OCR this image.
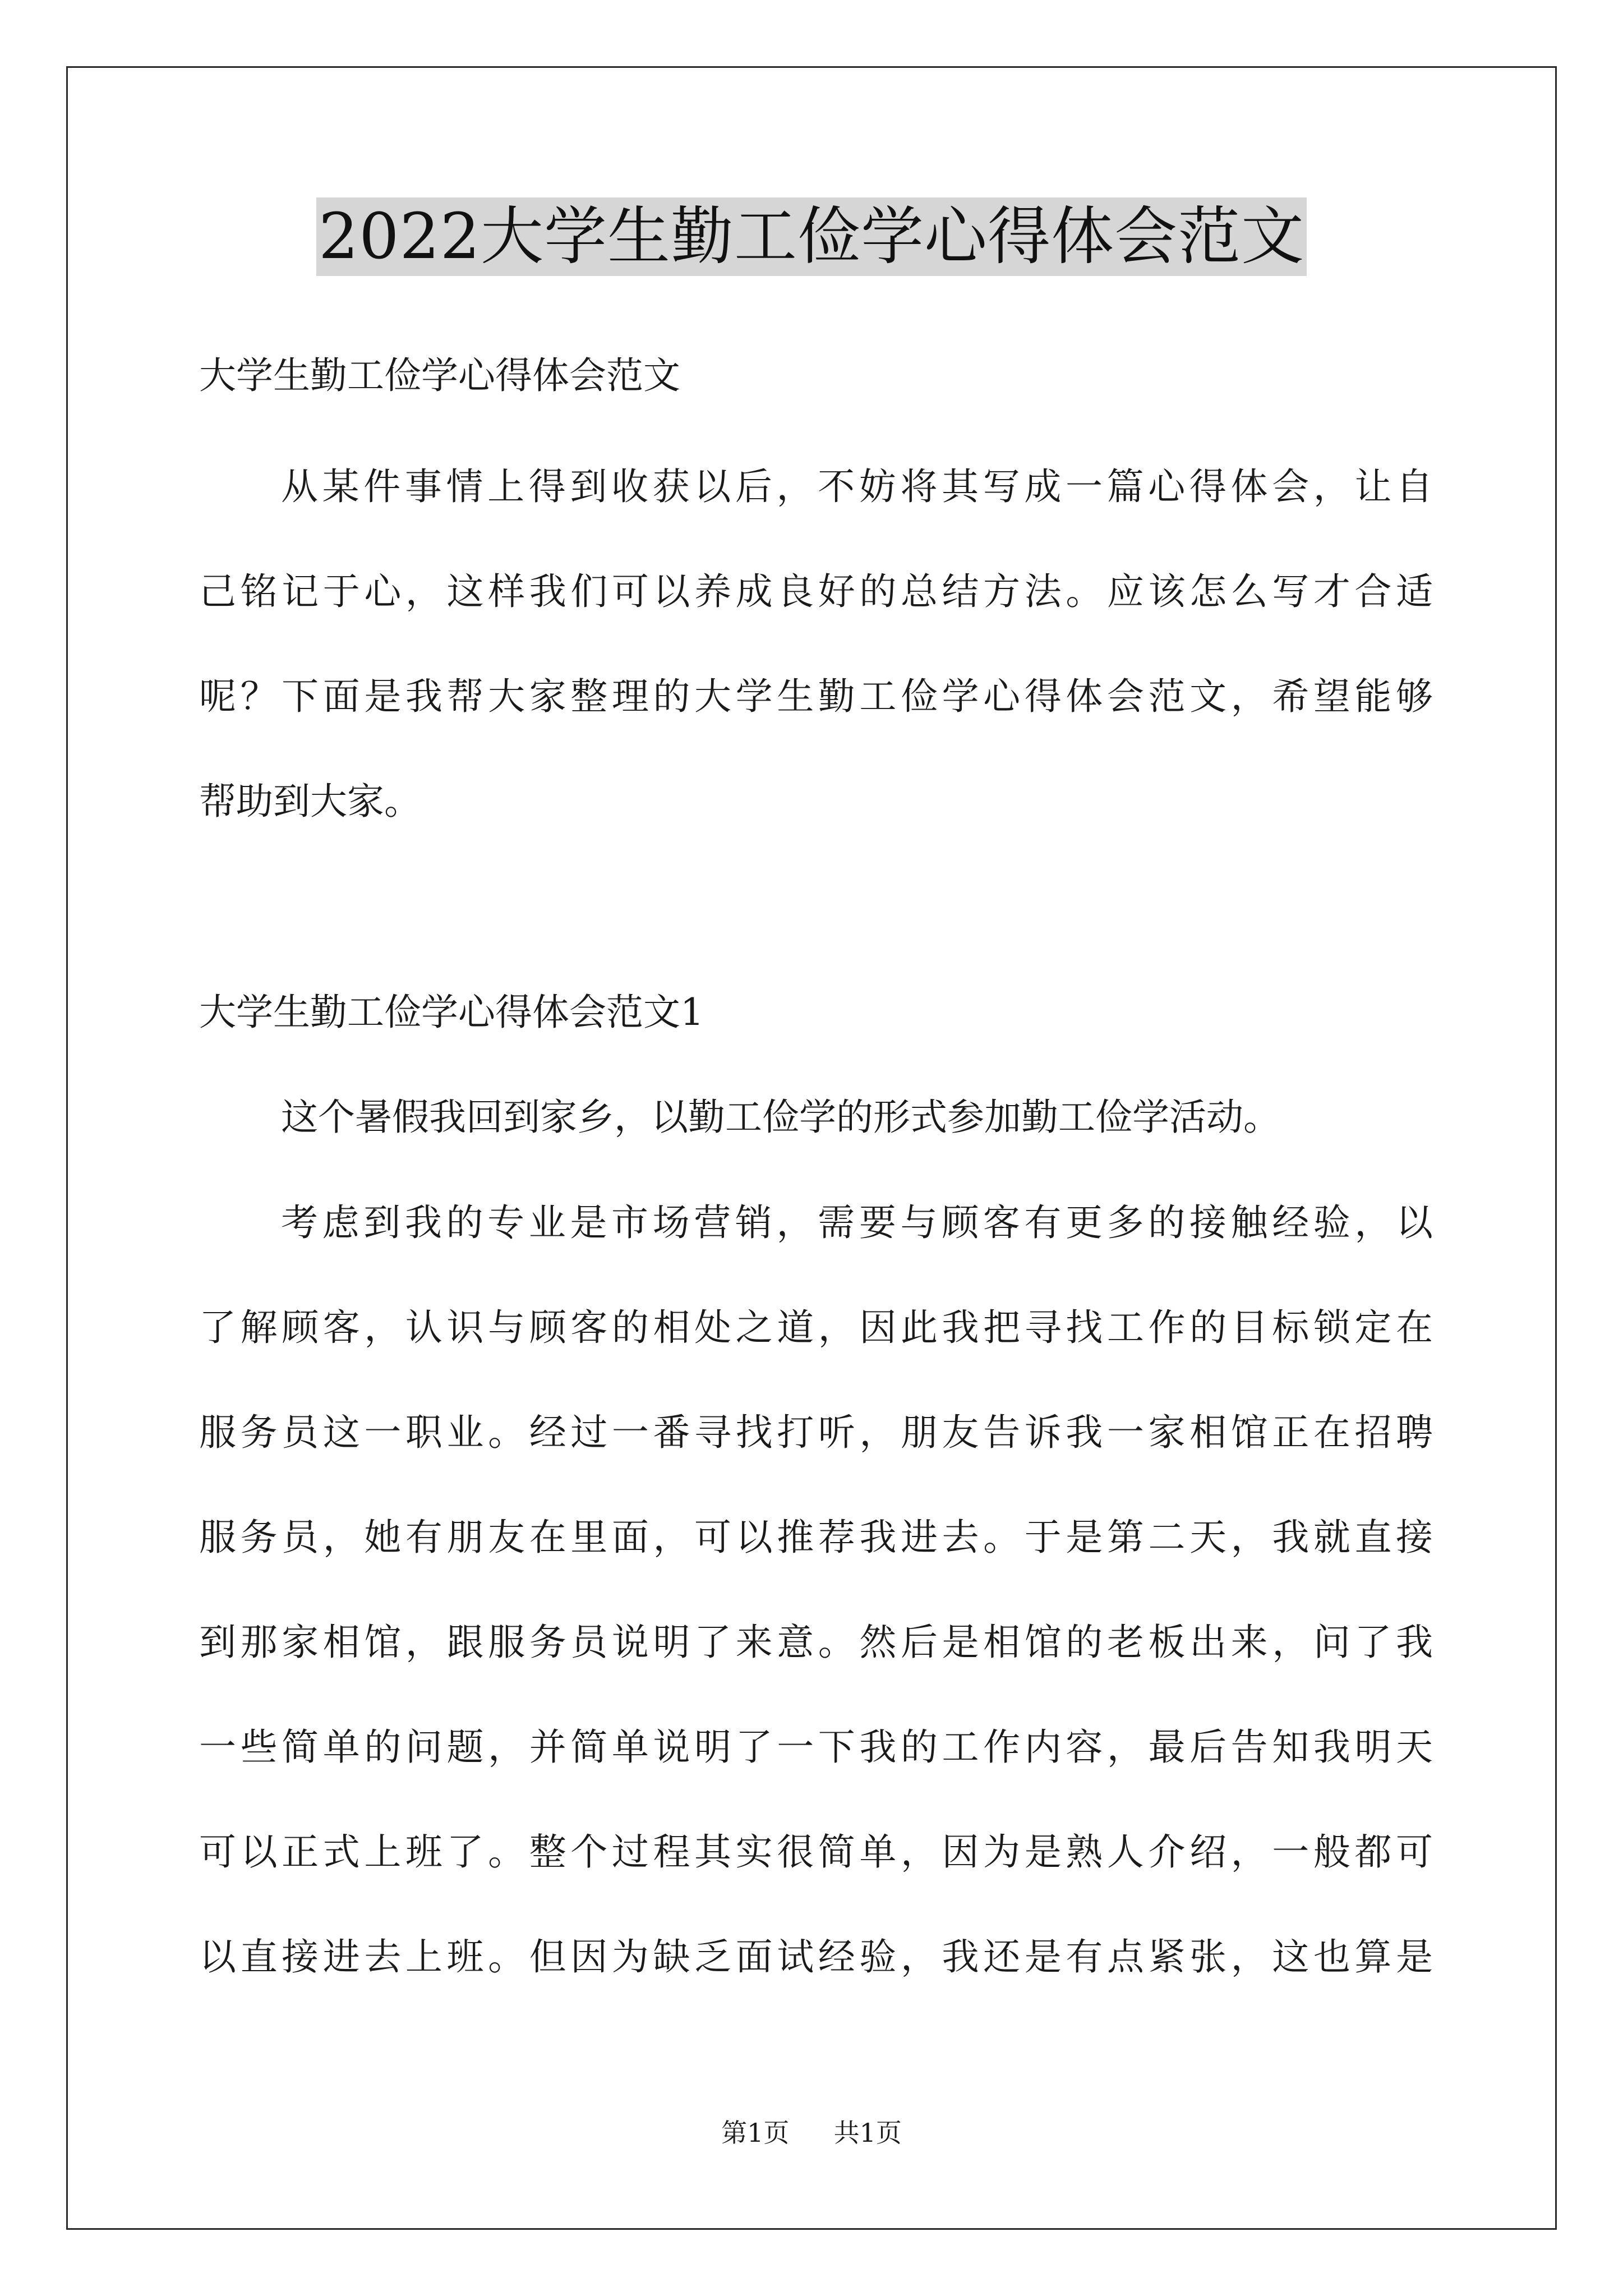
2022大学生勤工俭学心得体会范文
大学生勤工俭学心得体会范文
从某件事情上得到收获以后，不妨将其写成一篇心得体会，让自
己铭记于心，这样我们可以养成良好的总结方法。应该怎么写才合适
呢？下面是我帮大家整理的大学生勤工俭学心得体会范文，希望能够
帮助到大家。
大学生勤工俭学心得体会范文1
这个暑假我回到家乡，以勤工俭学的形式参加勤工俭学活动。
考虑到我的专业是市场营销，需要与顾客有更多的接触经验，以
了解顾客，认识与顾客的相处之道，因此我把寻找工作的目标锁定在
服务员这一职业。经过一番寻找打听，朋友告诉我一家相馆正在招聘
服务员，她有朋友在里面，可以推荐我进去。于是第二天，我就直接
到那家相馆，跟服务员说明了来意。然后是相馆的老板出来，问了我
一些简单的问题，并简单说明了一下我的工作内容，最后告知我明天
可以正式上班了。整个过程其实很简单，因为是熟人介绍，一般都可
以直接进去上班。但因为缺乏面试经验，我还是有点紧张，这也算是
第1页 共1页
